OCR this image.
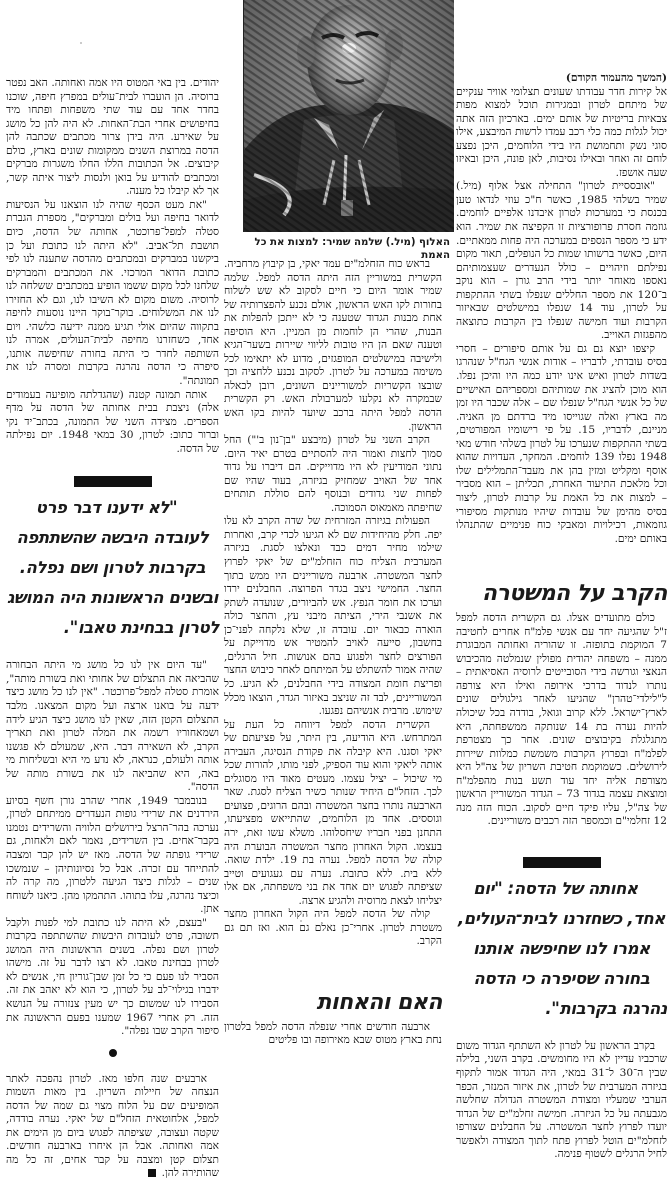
האלוף (מיל.) שלמה שמיר: למצות את כל האמת

(המשך מהעמוד הקודם)

אל קירות חדר עבודתו שעונים תצלומי אוויר ענקיים של מיתחם לטרון ובמגירות תוכל למצוא מפות צבאיות בריטיות של אותם ימים. בארכיון הזה אתה יכול לגלות כמה כלי רכב עמדו לרשות המיבצע, אילו סוגי נשק ותחמושת היו בידי הלוחמים, היכן נפצע לוחם זה ואחר ובאילו נסיבות, לאן פונה, היכן ובאיזו שעה אושפז.

"אובססיית לטרון" התחילה אצל אלוף (מיל.) שמיר בשלהי 1985, כאשר ח"כ עוזי לנדאו טען בכנסת כי במערכות לטרון איבדנו אלפיים לוחמים. גוזמה חסרת פרופורציות זו הקפיצה את שמיר. הוא ידע כי מספר הנספים במערכה היה פחות ממאתיים. היום, כאשר ברשותו שמות כל הנופלים, תאור מקום נפילתם וזיהויים – כולל הנעדרים שעצמותיהם נאספו מאוחר יותר בידי הרב גורן – הוא נוקב ב־120 את מספר החללים שנפלו בשתי ההתקפות על לטרון, עוד 14 שנפלו במישלטים שבאיזור הקרבות ועוד חמישה שנפלו בין הקרבות כתוצאה מהפגזות האוייב.

קיצפו יוצא גם גם על אותם סיפורים – חסרי בסיס עובדתי, לדבריו – אודות אנשי הגח"ל שנהרגו בשדות לטרון ואיש אינו יודע כמה היו והיכן נפלו. הוא מוכן להציג את שמותיהם ומספריהם האישיים של כל אנשי הגח"ל שנפלו שם – אלה שכבר היו זמן מה בארץ ואלה שגוייסו מיד ברדתם מן האניה. מניינם, לדבריו, 15. על פי רישומיו המפורטים, בשתי ההתקפות שנערכו על לטרון בשלהי חודש מאי 1948 נפלו 139 לוחמים. המחקר, העדויות שהוא אוסף ומקליט ומזין בהן את מעבד־התמלילים שלו וכל מלאכת התיעוד האחרת, תכליתן – הוא מסביר – למצות את כל האמת על קרבות לטרון, ליצור בסיס מהימן של עובדות שיהיו מנותקות מסיפורי גוזמאות, רכילויות ומאבקי כוח פנימיים שהתנהלו באותם ימים.

הקרב על המשטרה

כולם מתועדים אצלו. גם הקשרית הדסה למפל ז"ל שהגיעה יחד עם אנשי פלמ"ח אחרים לחטיבה 7 המוקמת בתופזה. זו שהוריה ואחותה המבוגרת ממנה – משפחה יהודית מפולין שנמלטה מהכיבוש הנאצי וגורשה בידי הסובייטים לרוסיה האסיאתית – נותרו לנדוד בדרכי אירופה ואילו היא צורפה ל"לילדי־טהרן" שהגיעו לאחר גילגולים שונים לארץ־ישראל. ללא קרוב וגואל, בודדה בכל שיכולה להיות נערה בת 14 שנותקה ממשפחתה, היא מתגלגלת בקיבוצים שונים. אחר כך מצטרפת לפלמ"ח ובפרוץ הקרבות משמשת כמלוות שיירות לירושלים. כשמוקמת חטיבת השריון של צה"ל היא מצורפת אליה יחד עוד תשע בנות מהפלמ"ח ומוצאת עצמה בגדוד 73 – הגדוד המשוריין הראשון של צה"ל, עליו פיקד חיים לסקוב. הכוח הזה מנה 12 זחלמי"ם וכמספר הזה רכבים משוריינים.

אחותה של הדסה: "יום אחד, כשחזרנו לבית־העולים, אמרו לנו שחיפשה אותנו בחורה שסיפרה כי הדסה נהרגה בקרבות".

בקרב הראשון על לטרון לא השתתף הגדוד משום שרכביו עדיין לא היו מחומשים. בקרב השני, בלילה שבין ה־30 ל־31 במאי, היה הגדוד אמור לתקוף בגיזרה המערבית של לטרון, את איזור המנזר, הכפר הערבי שמעליו ומצודת המשטרה הגדולה שחלשה מגבעתה על כל הגיזרה. חמישה זחלמ"ים של הגדוד יועדו לפרוץ לחצר המשטרה. על החבלנים שצורפו לזחלמ"ים הוטל לפרוץ פתח לתוך המצודה ולאפשר לחיל הרגלים לשטוף פנימה.

בראש כוח הזחלמ"ים עמד יאקי, בן קיבוץ מרחביה. הקשרית במשוריין הזה היתה הדסה למפל. שלמה שמיר אומר היום כי חיים לסקוב לא שש לשלוח בחורות לקו האש הראשון, אולם נכנע להפצרותיה של אחת מבנות הגדוד שטענה כי לא ייתכן להפלות את הבנות, שהרי הן לוחמות מן המניין. היא הוסיפה וטענה שאם הן היו טובות לליווי שיירות בשער־הגיא ולישיבה במישלטים המופגזים, מדוע לא יתאימו לכל משימה במערכה על לטרון. לסקוב נכנע ללחציה וכך שובצו הקשריות למשוריינים השונים, רובן לכאלה שבמקרה לא נקלעו למערבולת האש. רק הקשרית הדסה למפל היתה ברכב שיועד להיות בקו האש הראשון.

הקרב השני על לטרון (מיבצע "בן־נון ב'") החל סמוך לחצות ואמור היה להסתיים בטרם יאיר היום. נתוני המודיעין לא היו מדוייקים. הם דיברו על גדוד אחד של האויב שמחזיק בגיזרה, בעוד שהיו שם לפחות שני גדודים ובנוסף להם סוללת תותחים שחיפתה מאמאוס הסמוכה.

הפעולות בגיזרה המזרחית של שדה הקרב לא עלו יפה. חלק מהיחידות שם לא הגיעו לכדי קרב, ואחרות שילמו מחיר דמים כבד ונאלצו לסגת. בגיזרה המערבית הצליח כוח הזחלמ"ים של יאקי לפרוץ לחצר המשטרה. ארבעה משוריינים היו ממש בתוך החצר. החמישי ניצב בגדר הפרוצה. החבלנים ירדו וערכו את חומר הנפץ. אש להביורים, שנועדה לשתק את אשנבי הירי, הציתה מיבני עץ, והחצר כולה הוארה כבאור יום. עובדה זו, שלא נלקחה לפני־כן בחשבון, סייעה לאויב להמטיר אש מדוייקת על הפורצים לחצר ולפגוע בהם אנושות. חיל הרגלים, שהיה אמור להשתלט על המיתחם לאחר כיבוש החצר ופריצת חומת המצודה בידי החבלנים, לא הגיע. כל המשוריינים, לבד זה שניצב באיזור הגדר, הוצאו מכלל שימוש. מרבית אנשיהם נפגעו.

הקשרית הדסה למפל דיווחה כל העת על המתרחש. היא הודיעה, בין היתר, על פציעתם של יאקי וסגנו. היא קיבלה את פקודת הנסיגה, העבירה אותה ליאקי והוא עוד הספיק, לפני מותו, להורות שכל מי שיכול – יציל עצמו. מעטים מאוד היו מסוגלים לכך. הזחל"ם היחיד שנותר כשיר הצליח לסגת. שאר הארבעה נותרו בחצר המשטרה ובהם הרוגים, פצועים וגוססים. אחד מן הלוחמים, שהתייאש מפציעתו, התחנן בפני חבריו שיחסלוהו. משלא עשו זאת, ירה בעצמו. הקול האחרון מחצר המשטרה הבוערת היה קולה של הדסה למפל. נערה בת 19. ילדת שואה. ללא בית. ללא כתובת. נערה עם געגועים וטייב שציפתה לפגוש יום אחד את בני משפחתה, אם אלו יצליחו לצאת מרוסיה ולהגיע ארצה.

קולה של הדסה למפל היה הקול האחרון מחצר משטרת לטרון. אחרי־כן נאלם גם הוא. ואז תם גם הקרב.

האם והאחות

ארבעה חודשים אחרי שנפלה הדסה למפל בלטרון נחת בארץ מטוס שבא מאירופה ובו פליטים

יהודים. בין באי המטוס היו אמה ואחותה. האב נפטר ברוסיה. הן הועברו לבית־עולים במפרץ חיפה, שוכנו בחדר אחד עם עוד שתי משפחות ופתחו מיד בחיפושים אחרי הבת־האחות. לא היה להן כל מושג על שאירע. היה בידן צרור מכתבים שכתבה להן הדסה במרוצת השנים ממקומות שונים בארץ, כולם קיבוצים. אל הכתובות הללו החלו משגרות מברקים ומכתבים להודיע על בואן ולנסות ליצור איתה קשר, אך לא קיבלו כל מענה.

"את מעט הכסף שהיה לנו הוצאנו על הנסיעות לדואר בחיפה ועל בולים ומברקים", מספרת הגברת סטלה למפל־פרוכטר, אחותה של הדסה, כיום תושבת תל־אביב. "לא היתה לנו כתובת ועל כן ביקשנו במברקים ובמכתבים מהדסה שתענה לנו לפי כתובת הדואר המרכזי. את המכתבים והמברקים שלחנו לכל מקום ששמו הופיע במכתבים ששלחה לנו לרוסיה. משום מקום לא השיבו לנו, וגם לא החזירו לנו את המשלוחים. בוקר־בוקר היינו נוסעות לחיפה בתקווה שהיום אולי תגיע ממנה ידיעה כלשהי. ויום אחד, כשחזרנו מחיפה לבית־העולים, אמרה לנו השותפה לחדר כי היתה בחורה שחיפשה אותנו, סיפרה כי הדסה נהרגה בקרבות ומסרה לנו את תמונתה".

אותה תמונה קטנה (שהגדלתה מופיעה בעמודים אלה) ניצבת בבית אחותה של הדסה על מדף הספרים. מצידה השני של התמונה, בכתב־יד נקי וברור כתוב: לטרון, 30 במאי 1948. יום נפילתה של הדסה.

"לא ידענו דבר פרט לעובדה היבשה שהשתתפה בקרבות לטרון ושם נפלה. ובשנים הראשונות היה המושג לטרון בבחינת טאבו".

"עד היום אין לנו כל מושג מי היתה הבחורה שהביאה את התצלום של אחותי ואת בשורת מותה", אומרת סטלה למפל־פרוכטר. "אין לנו כל מושג כיצד ידעה על בואנו ארצה ועל מקום המצאנו. מלבד התצלום הקטן הזה, שאין לנו מושג כיצד הגיע לידה ושמאחוריו רשמה את המלה לטרון ואת תאריך הקרב, לא השאירה דבר. היא, שמעולם לא פגשנו אותה ולעולם, כנראה, לא נדע מי היא ובשליחות מי באה, היא שהביאה לנו את בשורת מותה של הדסה".

בנובמבר 1949, אחרי שהרב גורן חשף בסיוע הירדנים את שרידי גופות הנעדרים ממיתחם לטרון, נערכה בהר־הרצל בירושלים הלוויה והשרידים נטמנו בקבר־אחים. בין השרידים, נאמר לאם ולאחות, גם שרידי גופתה של הדסה. מאז יש להן קבר ומצבה להתייחד עם זכרה. אבל כל נסיונותיהן – שנמשכו שנים – לגלות כיצד הגיעה ללטרון, מה קרה לה וכיצד נהרגה, עלו בתוהו. התהמקו מהן. כיאנו לשוחח אתן.

"בעצם, לא היתה לנו כתובת למי לפנות ולקבל תשובה, פרט לעובדות היבשות שהשתתפה בקרבות לטרון ושם נפלה. בשנים הראשונות היה המושג לטרון בבחינת טאבו. לא רצו לדבר על זה. מישהו הסביר לנו פעם כי כל זמן שבן־גוריון חי, אנשים לא ידברו בגילוי־לב על לטרון, כי הוא לא יאהב את זה. הסבירו לנו שמשום כך יש מעין צנזורה על הנושא הזה. רק אחרי 1967 שמענו בפעם הראשונה את סיפור הקרב שבו נפלה".

ארבעים שנה חלפו מאז. לטרון נהפכה לאתר הנצחה של חיילות השריון. בין מאות השמות המופיעים שם על הלוח מצוי גם שמה של הדסה למפל, אלחוטאית הזחל"ם של יאקי. נערה בודדה, שקטה ועצובה, שציפתה לפגוש ביום מן הימים את אמה ואחותה. אבל הן איחרו בארבעה חודשים. תצלום קטן ומצבה על קבר אחים, זה כל מה שהותירה להן.
